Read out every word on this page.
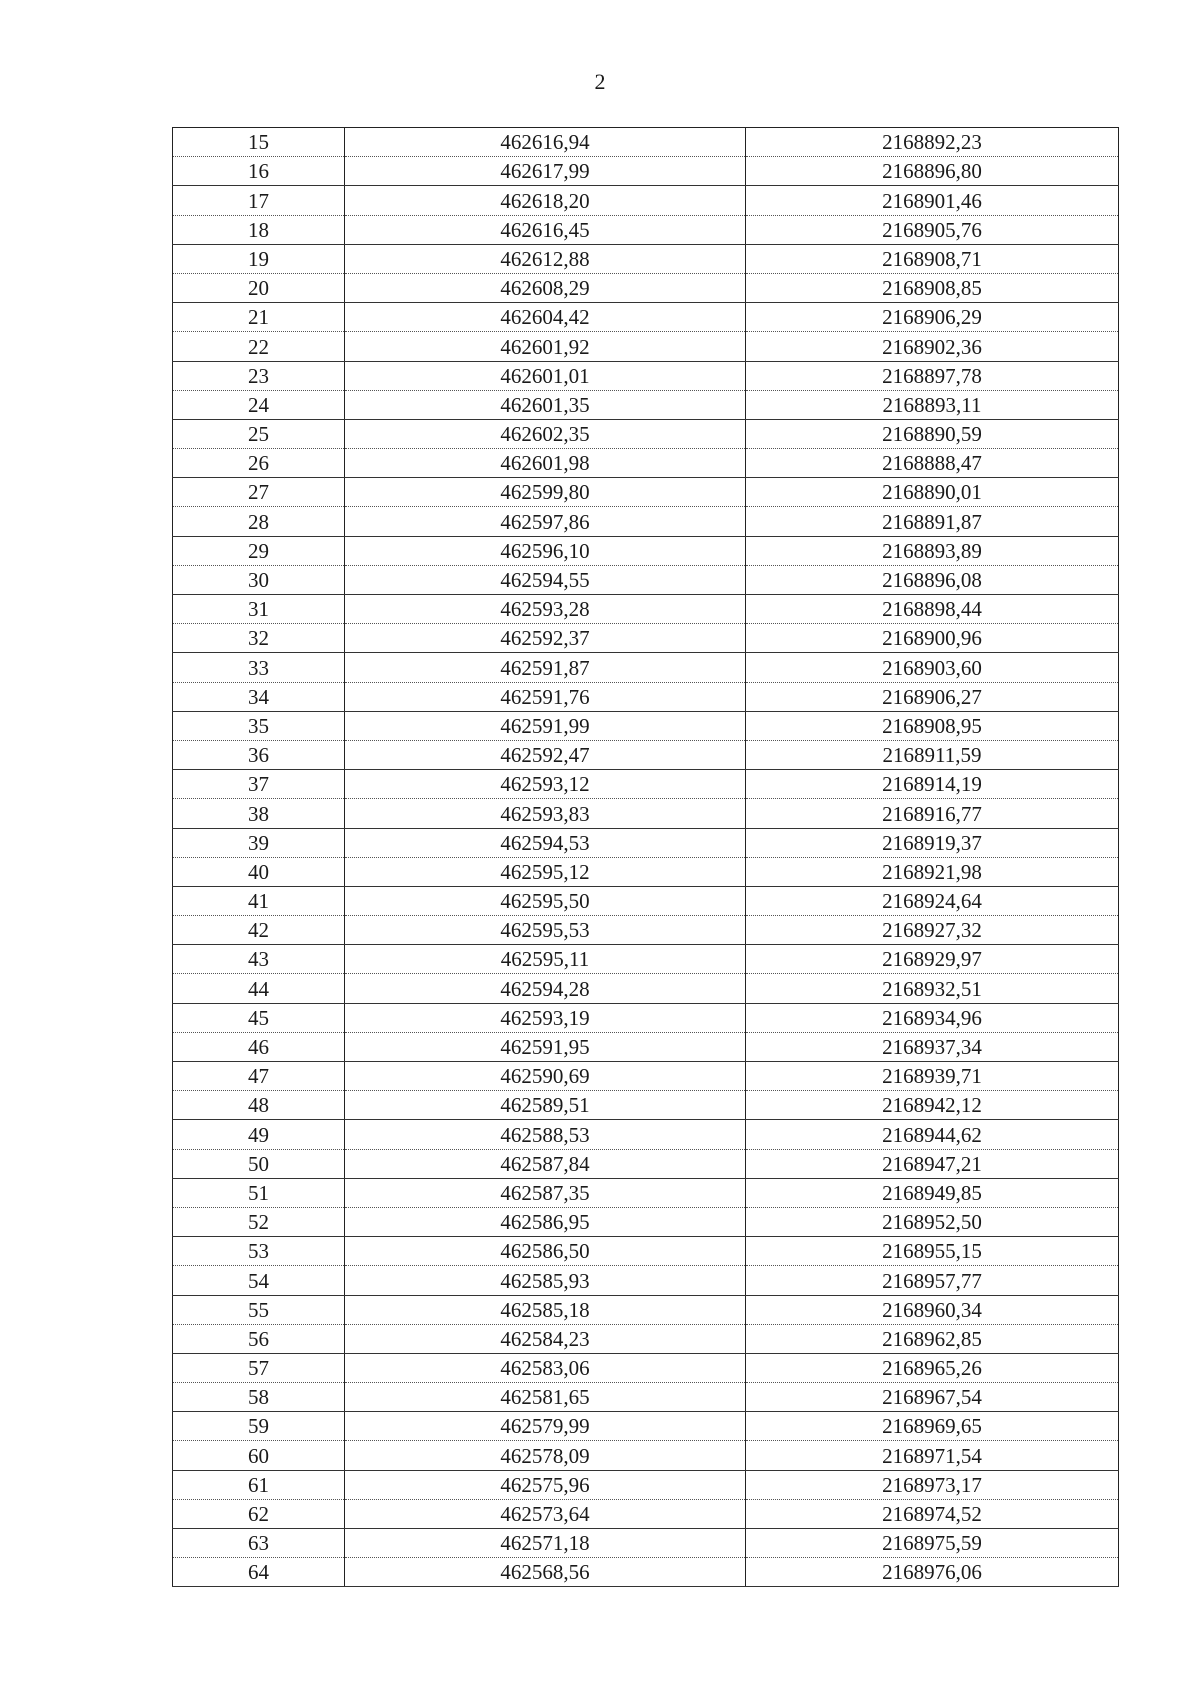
2
15	462616,94	2168892,23
16	462617,99	2168896,80
17	462618,20	2168901,46
18	462616,45	2168905,76
19	462612,88	2168908,71
20	462608,29	2168908,85
21	462604,42	2168906,29
22	462601,92	2168902,36
23	462601,01	2168897,78
24	462601,35	2168893,11
25	462602,35	2168890,59
26	462601,98	2168888,47
27	462599,80	2168890,01
28	462597,86	2168891,87
29	462596,10	2168893,89
30	462594,55	2168896,08
31	462593,28	2168898,44
32	462592,37	2168900,96
33	462591,87	2168903,60
34	462591,76	2168906,27
35	462591,99	2168908,95
36	462592,47	2168911,59
37	462593,12	2168914,19
38	462593,83	2168916,77
39	462594,53	2168919,37
40	462595,12	2168921,98
41	462595,50	2168924,64
42	462595,53	2168927,32
43	462595,11	2168929,97
44	462594,28	2168932,51
45	462593,19	2168934,96
46	462591,95	2168937,34
47	462590,69	2168939,71
48	462589,51	2168942,12
49	462588,53	2168944,62
50	462587,84	2168947,21
51	462587,35	2168949,85
52	462586,95	2168952,50
53	462586,50	2168955,15
54	462585,93	2168957,77
55	462585,18	2168960,34
56	462584,23	2168962,85
57	462583,06	2168965,26
58	462581,65	2168967,54
59	462579,99	2168969,65
60	462578,09	2168971,54
61	462575,96	2168973,17
62	462573,64	2168974,52
63	462571,18	2168975,59
64	462568,56	2168976,06
